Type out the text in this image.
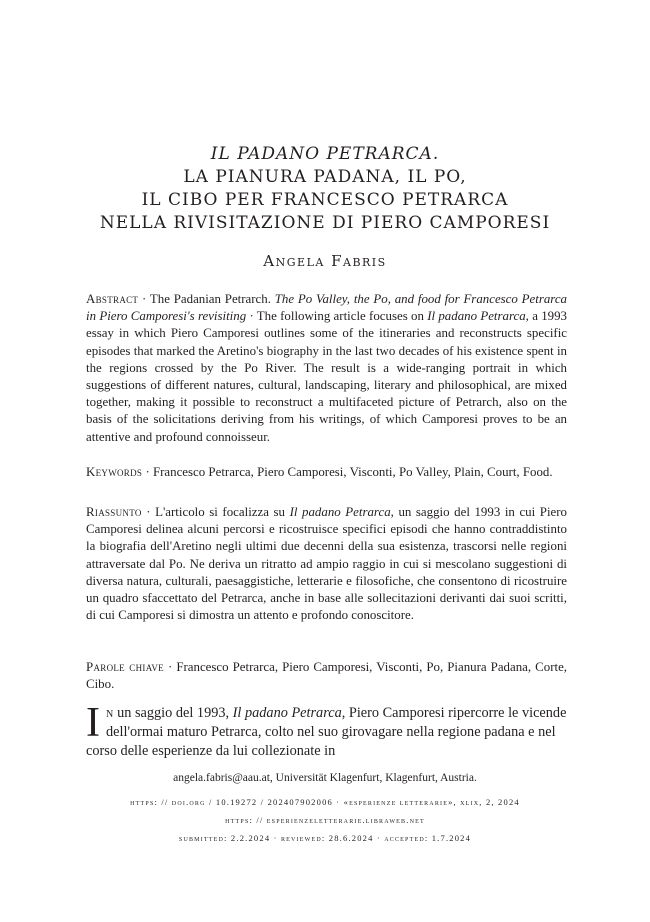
IL PADANO PETRARCA.
LA PIANURA PADANA, IL PO,
IL CIBO PER FRANCESCO PETRARCA
NELLA RIVISITAZIONE DI PIERO CAMPORESI
Angela Fabris
Abstract · The Padanian Petrarch. The Po Valley, the Po, and food for Francesco Petrarca in Piero Camporesi's revisiting · The following article focuses on Il padano Petrarca, a 1993 essay in which Piero Camporesi outlines some of the itineraries and reconstructs specific episodes that marked the Aretino's biography in the last two decades of his existence spent in the regions crossed by the Po River. The result is a wide-ranging portrait in which suggestions of different natures, cultural, landscaping, literary and philosophical, are mixed together, making it possible to reconstruct a multifaceted picture of Petrarch, also on the basis of the solicitations deriving from his writings, of which Camporesi proves to be an attentive and profound connoisseur.
Keywords · Francesco Petrarca, Piero Camporesi, Visconti, Po Valley, Plain, Court, Food.
Riassunto · L'articolo si focalizza su Il padano Petrarca, un saggio del 1993 in cui Piero Camporesi delinea alcuni percorsi e ricostruisce specifici episodi che hanno contraddistinto la biografia dell'Aretino negli ultimi due decenni della sua esistenza, trascorsi nelle regioni attraversate dal Po. Ne deriva un ritratto ad ampio raggio in cui si mescolano suggestioni di diversa natura, culturali, paesaggistiche, letterarie e filosofiche, che consentono di ricostruire un quadro sfaccettato del Petrarca, anche in base alle sollecitazioni derivanti dai suoi scritti, di cui Camporesi si dimostra un attento e profondo conoscitore.
Parole chiave · Francesco Petrarca, Piero Camporesi, Visconti, Po, Pianura Padana, Corte, Cibo.
In un saggio del 1993, Il padano Petrarca, Piero Camporesi ripercorre le vicende dell'ormai maturo Petrarca, colto nel suo girovagare nella regione padana e nel corso delle esperienze da lui collezionate in
angela.fabris@aau.at, Universität Klagenfurt, Klagenfurt, Austria.
https: // doi.org / 10.19272 / 202407902006 · «esperienze letterarie», xlix, 2, 2024
https: // esperienzeletterarie.libraweb.net
submitted: 2.2.2024 · reviewed: 28.6.2024 · accepted: 1.7.2024
